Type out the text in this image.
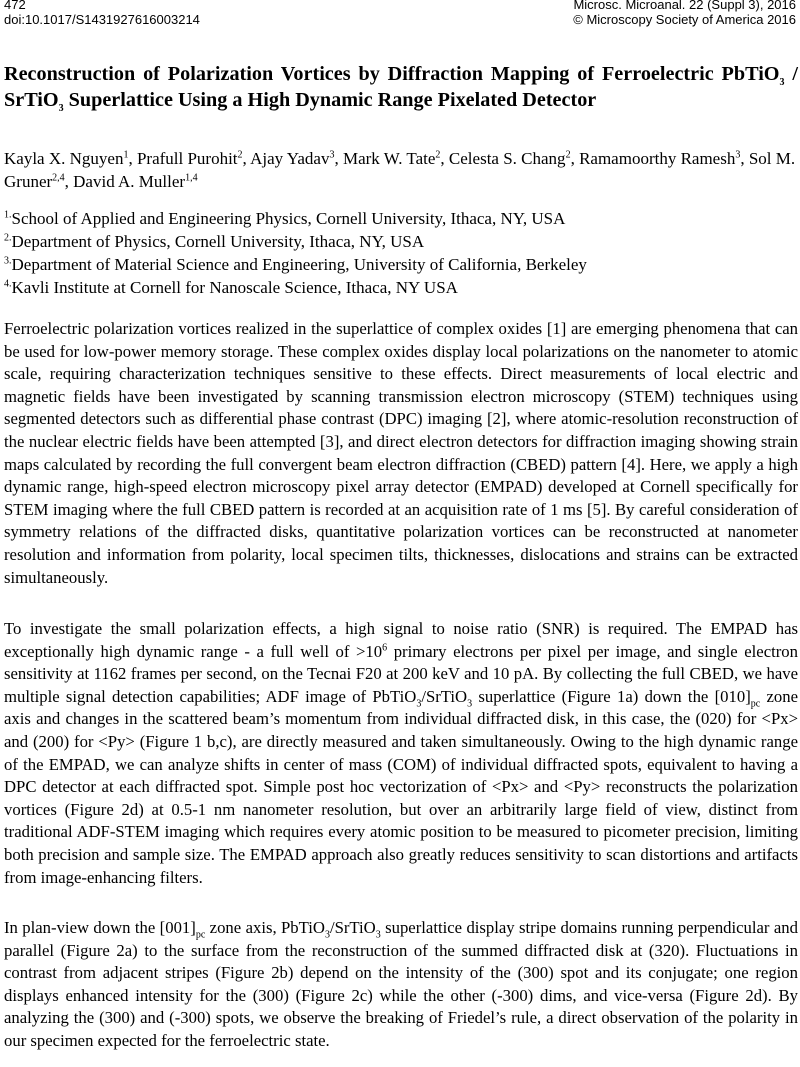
472
doi:10.1017/S1431927616003214
Microsc. Microanal. 22 (Suppl 3), 2016
© Microscopy Society of America 2016
Reconstruction of Polarization Vortices by Diffraction Mapping of Ferroelectric PbTiO$_3$ / SrTiO$_3$ Superlattice Using a High Dynamic Range Pixelated Detector
Kayla X. Nguyen$^1$, Prafull Purohit$^2$, Ajay Yadav$^3$, Mark W. Tate$^2$, Celesta S. Chang$^2$, Ramamoorthy Ramesh$^3$, Sol M. Gruner$^{2,4}$, David A. Muller$^{1,4}$
$^{1.}$School of Applied and Engineering Physics, Cornell University, Ithaca, NY, USA
$^{2.}$Department of Physics, Cornell University, Ithaca, NY, USA
$^{3.}$Department of Material Science and Engineering, University of California, Berkeley
$^{4.}$Kavli Institute at Cornell for Nanoscale Science, Ithaca, NY USA

Ferroelectric polarization vortices realized in the superlattice of complex oxides [1] are emerging phenomena that can be used for low-power memory storage. These complex oxides display local polarizations on the nanometer to atomic scale, requiring characterization techniques sensitive to these effects. Direct measurements of local electric and magnetic fields have been investigated by scanning transmission electron microscopy (STEM) techniques using segmented detectors such as differential phase contrast (DPC) imaging [2], where atomic-resolution reconstruction of the nuclear electric fields have been attempted [3], and direct electron detectors for diffraction imaging showing strain maps calculated by recording the full convergent beam electron diffraction (CBED) pattern [4]. Here, we apply a high dynamic range, high-speed electron microscopy pixel array detector (EMPAD) developed at Cornell specifically for STEM imaging where the full CBED pattern is recorded at an acquisition rate of 1 ms [5]. By careful consideration of symmetry relations of the diffracted disks, quantitative polarization vortices can be reconstructed at nanometer resolution and information from polarity, local specimen tilts, thicknesses, dislocations and strains can be extracted simultaneously.

To investigate the small polarization effects, a high signal to noise ratio (SNR) is required. The EMPAD has exceptionally high dynamic range - a full well of $>10^6$ primary electrons per pixel per image, and single electron sensitivity at 1162 frames per second, on the Tecnai F20 at 200 keV and 10 pA. By collecting the full CBED, we have multiple signal detection capabilities; ADF image of PbTiO$_3$/SrTiO$_3$ superlattice (Figure 1a) down the $[010]_{pc}$ zone axis and changes in the scattered beam’s momentum from individual diffracted disk, in this case, the (020) for <Px> and (200) for <Py> (Figure 1 b,c), are directly measured and taken simultaneously. Owing to the high dynamic range of the EMPAD, we can analyze shifts in center of mass (COM) of individual diffracted spots, equivalent to having a DPC detector at each diffracted spot. Simple post hoc vectorization of <Px> and <Py> reconstructs the polarization vortices (Figure 2d) at 0.5-1 nm nanometer resolution, but over an arbitrarily large field of view, distinct from traditional ADF-STEM imaging which requires every atomic position to be measured to picometer precision, limiting both precision and sample size. The EMPAD approach also greatly reduces sensitivity to scan distortions and artifacts from image-enhancing filters.

In plan-view down the $[001]_{pc}$ zone axis, PbTiO$_3$/SrTiO$_3$ superlattice display stripe domains running perpendicular and parallel (Figure 2a) to the surface from the reconstruction of the summed diffracted disk at (320). Fluctuations in contrast from adjacent stripes (Figure 2b) depend on the intensity of the (300) spot and its conjugate; one region displays enhanced intensity for the (300) (Figure 2c) while the other (-300) dims, and vice-versa (Figure 2d). By analyzing the (300) and (-300) spots, we observe the breaking of Friedel’s rule, a direct observation of the polarity in our specimen expected for the ferroelectric state.
